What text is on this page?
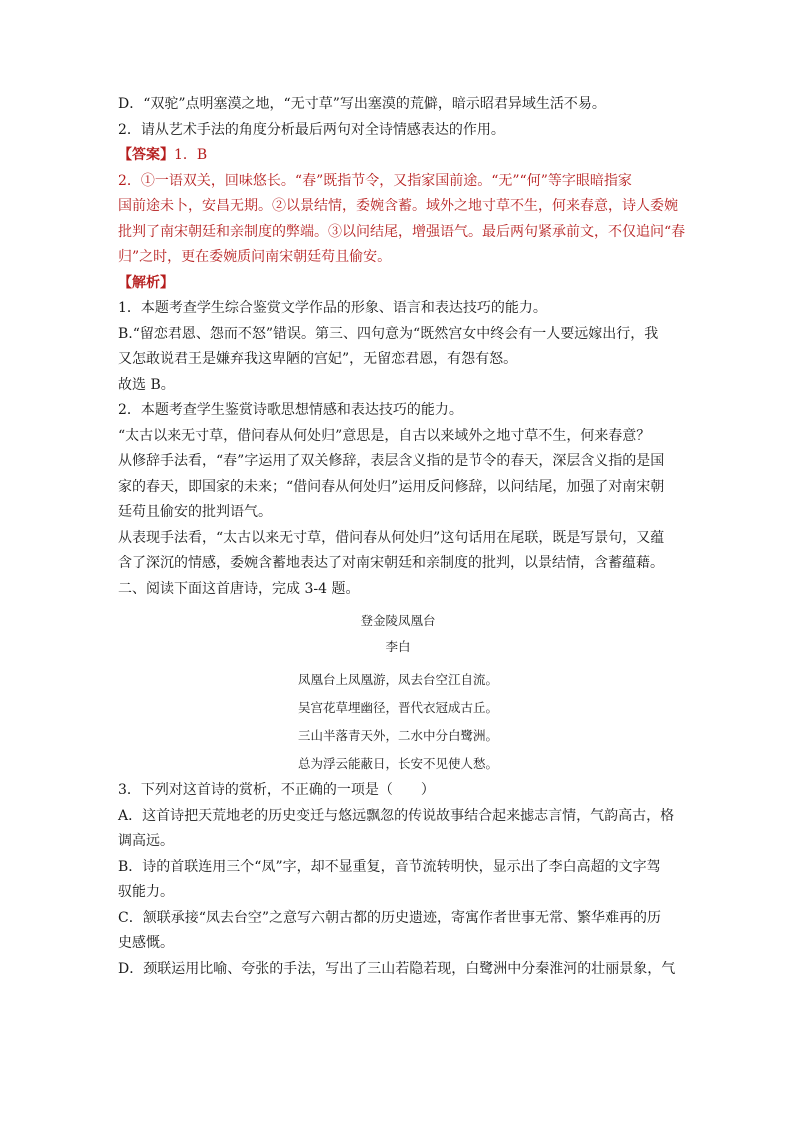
D．“双驼”点明塞漠之地，“无寸草”写出塞漠的荒僻，暗示昭君异域生活不易。

2．请从艺术手法的角度分析最后两句对全诗情感表达的作用。

【答案】1．B

2．①一语双关，回味悠长。“春”既指节令，又指家国前途。“无”“何”等字眼暗指家

国前途未卜，安昌无期。②以景结情，委婉含蓄。域外之地寸草不生，何来春意，诗人委婉

批判了南宋朝廷和亲制度的弊端。③以问结尾，增强语气。最后两句紧承前文，不仅追问“春

归”之时，更在委婉质问南宋朝廷苟且偷安。

【解析】

1．本题考查学生综合鉴赏文学作品的形象、语言和表达技巧的能力。

B.“留恋君恩、怨而不怒”错误。第三、四句意为“既然宫女中终会有一人要远嫁出行，我

又怎敢说君王是嫌弃我这卑陋的宫妃”，无留恋君恩，有怨有怒。

故选 B。

2．本题考查学生鉴赏诗歌思想情感和表达技巧的能力。

“太古以来无寸草，借问春从何处归”意思是，自古以来域外之地寸草不生，何来春意？

从修辞手法看，“春”字运用了双关修辞，表层含义指的是节令的春天，深层含义指的是国

家的春天，即国家的未来；“借问春从何处归”运用反问修辞，以问结尾，加强了对南宋朝

廷苟且偷安的批判语气。

从表现手法看，“太古以来无寸草，借问春从何处归”这句话用在尾联，既是写景句，又蕴

含了深沉的情感，委婉含蓄地表达了对南宋朝廷和亲制度的批判，以景结情，含蓄蕴藉。

二、阅读下面这首唐诗，完成 3-4 题。

登金陵凤凰台

李白

凤凰台上凤凰游，凤去台空江自流。

吴宫花草埋幽径，晋代衣冠成古丘。

三山半落青天外，二水中分白鹭洲。

总为浮云能蔽日，长安不见使人愁。

3．下列对这首诗的赏析，不正确的一项是（　　）

A．这首诗把天荒地老的历史变迁与悠远飘忽的传说故事结合起来摅志言情，气韵高古，格

调高远。

B．诗的首联连用三个“凤”字，却不显重复，音节流转明快，显示出了李白高超的文字驾

驭能力。

C．颔联承接“凤去台空”之意写六朝古都的历史遗迹，寄寓作者世事无常、繁华难再的历

史感慨。

D．颈联运用比喻、夸张的手法，写出了三山若隐若现，白鹭洲中分秦淮河的壮丽景象，气
